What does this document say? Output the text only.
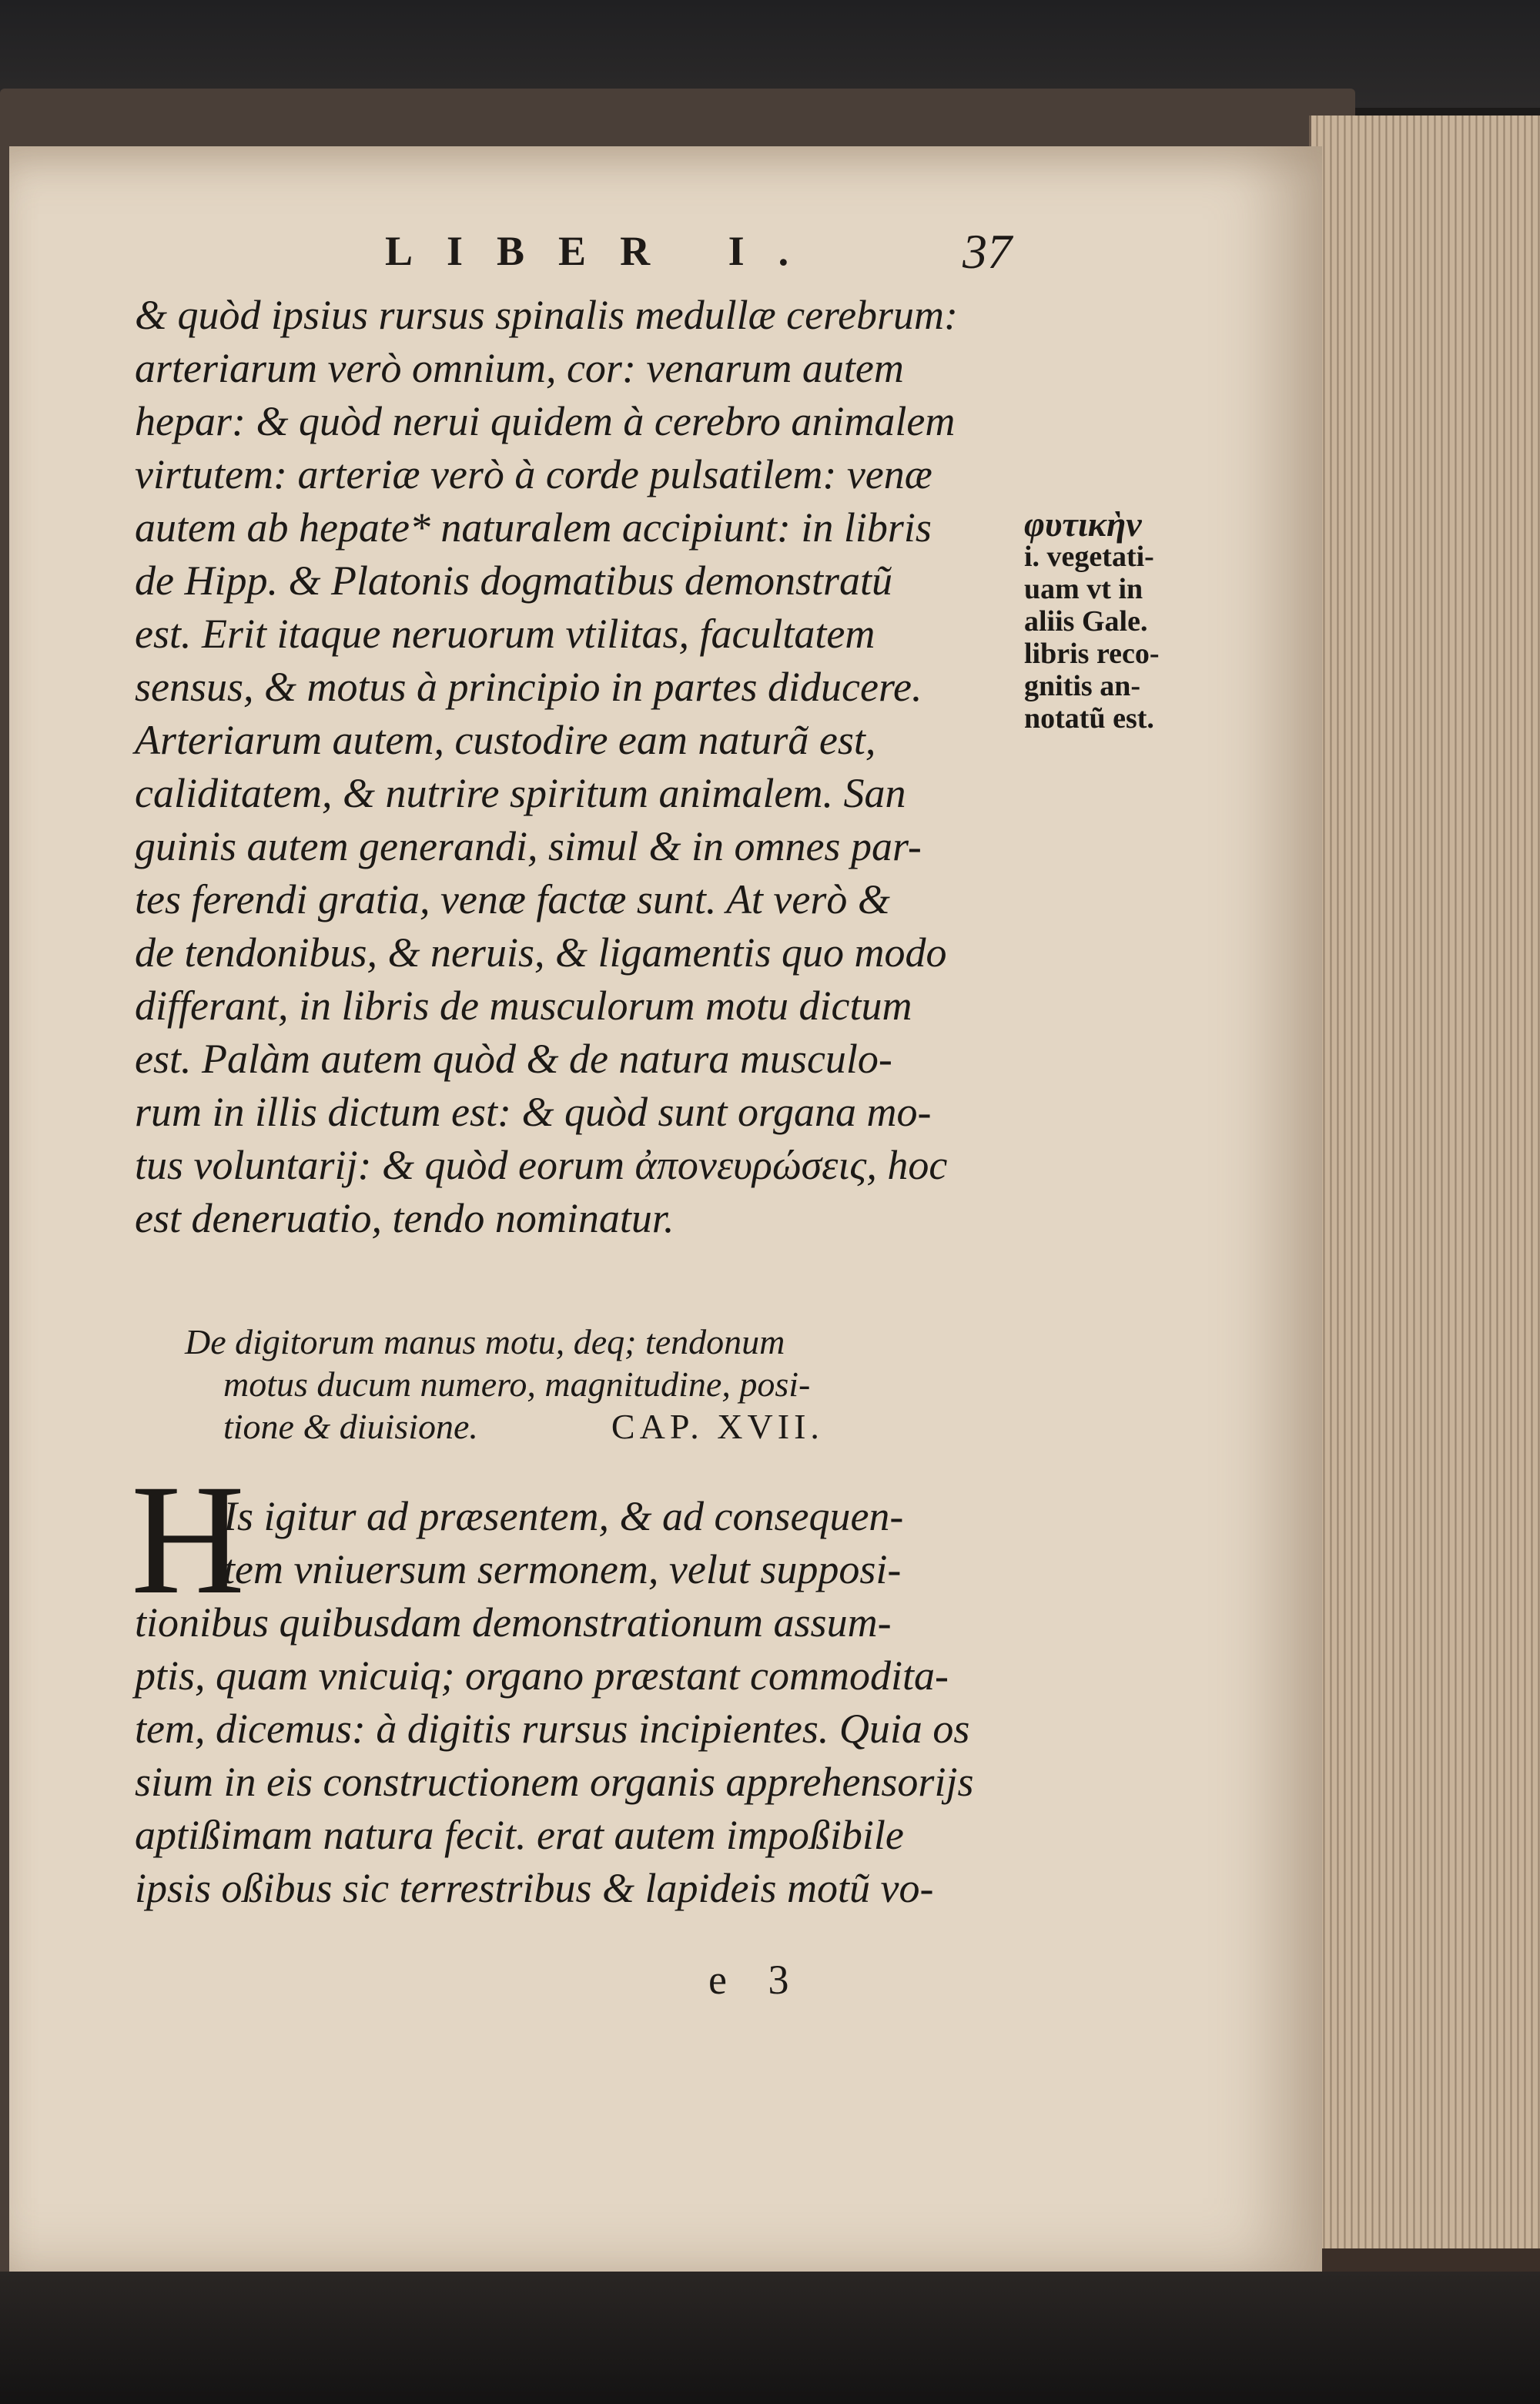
LIBER I.	37
& quòd ipsius rursus spinalis medullæ cerebrum:
arteriarum verò omnium, cor: venarum autem
hepar: & quòd nerui quidem à cerebro animalem
virtutem: arteriæ verò à corde pulsatilem: venæ
autem ab hepate* naturalem accipiunt: in libris
de Hipp. & Platonis dogmatibus demonstratũ
est. Erit itaque neruorum vtilitas, facultatem
sensus, & motus à principio in partes diducere.
Arteriarum autem, custodire eam naturã est,
caliditatem, & nutrire spiritum animalem. San
guinis autem generandi, simul & in omnes par-
tes ferendi gratia, venæ factæ sunt. At verò &
de tendonibus, & neruis, & ligamentis quo modo
differant, in libris de musculorum motu dictum
est. Palàm autem quòd & de natura musculo-
rum in illis dictum est: & quòd sunt organa mo-
tus voluntarij: & quòd eorum ἀπονευρώσεις, hoc
est deneruatio, tendo nominatur.
φυτικὴν
i. vegetati-
uam vt in
aliis Gale.
libris reco-
gnitis an-
notatũ est.
De digitorum manus motu, deq; tendonum
motus ducum numero, magnitudine, posi-
tione & diuisione.	CAP. XVII.
H
Is igitur ad præsentem, & ad consequen-
tem vniuersum sermonem, velut supposi-
tionibus quibusdam demonstrationum assum-
ptis, quam vnicuiq; organo præstant commodita-
tem, dicemus: à digitis rursus incipientes. Quia os
sium in eis constructionem organis apprehensorijs
aptißimam natura fecit. erat autem impoßibile
ipsis oßibus sic terrestribus & lapideis motũ vo-
e 3
